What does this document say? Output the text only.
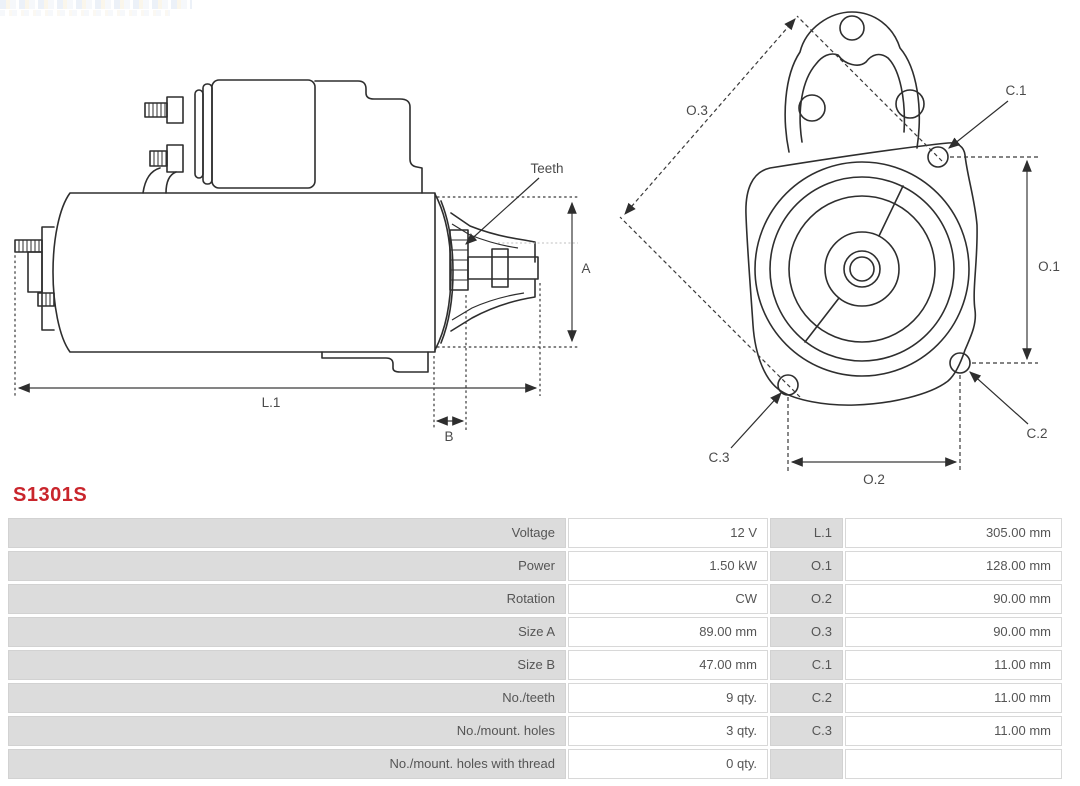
A
L.1
B
Teeth
O.3
O.1
O.2
C.1
C.2
C.3
S1301S
Voltage	12 V	L.1	305.00 mm
Power	1.50 kW	O.1	128.00 mm
Rotation	CW	O.2	90.00 mm
Size A	89.00 mm	O.3	90.00 mm
Size B	47.00 mm	C.1	11.00 mm
No./teeth	9 qty.	C.2	11.00 mm
No./mount. holes	3 qty.	C.3	11.00 mm
No./mount. holes with thread	0 qty.
